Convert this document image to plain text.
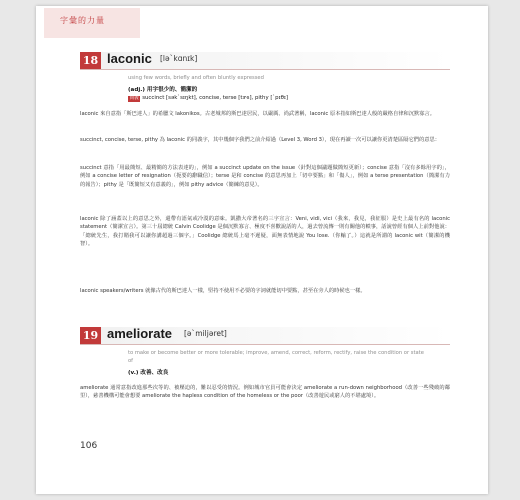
字彙的力量
18 laconic [lə`kɑnɪk]
using few words, briefly and often bluntly expressed
(adj.) 用字很少的、簡潔的
同義 succinct [sək`sɪŋkt], concise, terse [tɝs], pithy [`pɪθɪ]

laconic 來自意指「斯巴達人」的希臘文 lakonikos。古老城邦的斯巴達居民，以嚴厲、尚武著稱，laconic 原本指如斯巴達人般的嚴格自律和沉默寡言。

succinct, concise, terse, pithy 為 laconic 的同義字，其中幾個字我們之前介紹過（Level 3, Word 3），現在再讀一次可以讓你更清楚區隔它們的意思：

succinct 意指「用最簡短、最精簡的方法表達的」，例如 a succinct update on the issue（針對這個議題做簡短更新）；concise 意指「沒有多餘用字的」，例如 a concise letter of resignation（扼要的辭職信）；terse 是和 concise 的意思再加上「切中要點」和「傷人」，例如 a terse presentation（簡潔有力的報告）；pithy 是「既簡短又有意義的」，例如 pithy advice（簡練的意見）。

laconic 除了涵蓋以上的意思之外，還帶有語氣或冷漠的意味。凱撒大帝著名的三字宣言：Veni, vidi, vici（我來，我見，我征服）是史上最有名的 laconic statement（簡潔宣言）。第三十屆總統 Calvin Coolidge 是個沉默寡言、極度不喜歡說話的人，過去曾流傳一則有關他的軼事，話說曾經有個人上前對他說：「總統先生，我打賭我可以讓你講超過三個字。」Coolidge 總統馬上毫不遲疑，面無表情地說 You lose.（你輸了。）這就是所謂的 laconic wit（簡潔的機智）。

laconic speakers/writers 就像古代的斯巴達人一樣，堅持不使用不必要的字詞就能切中要點，甚至在旁人的時候也一樣。

19 ameliorate [ə`miljəret]
to make or become better or more tolerable; improve, amend, correct, reform, rectify, raise the condition or state of
(v.) 改善、改良

ameliorate 通常意指改進那些次等的、被壓迫的，難以忍受的情況。例如城市官員可能會決定 ameliorate a run-down neighborhood（改善一些殘破的鄰里），慈善機構可能會想要 ameliorate the hapless condition of the homeless or the poor（改善遊民或窮人的不堪處境）。

106
